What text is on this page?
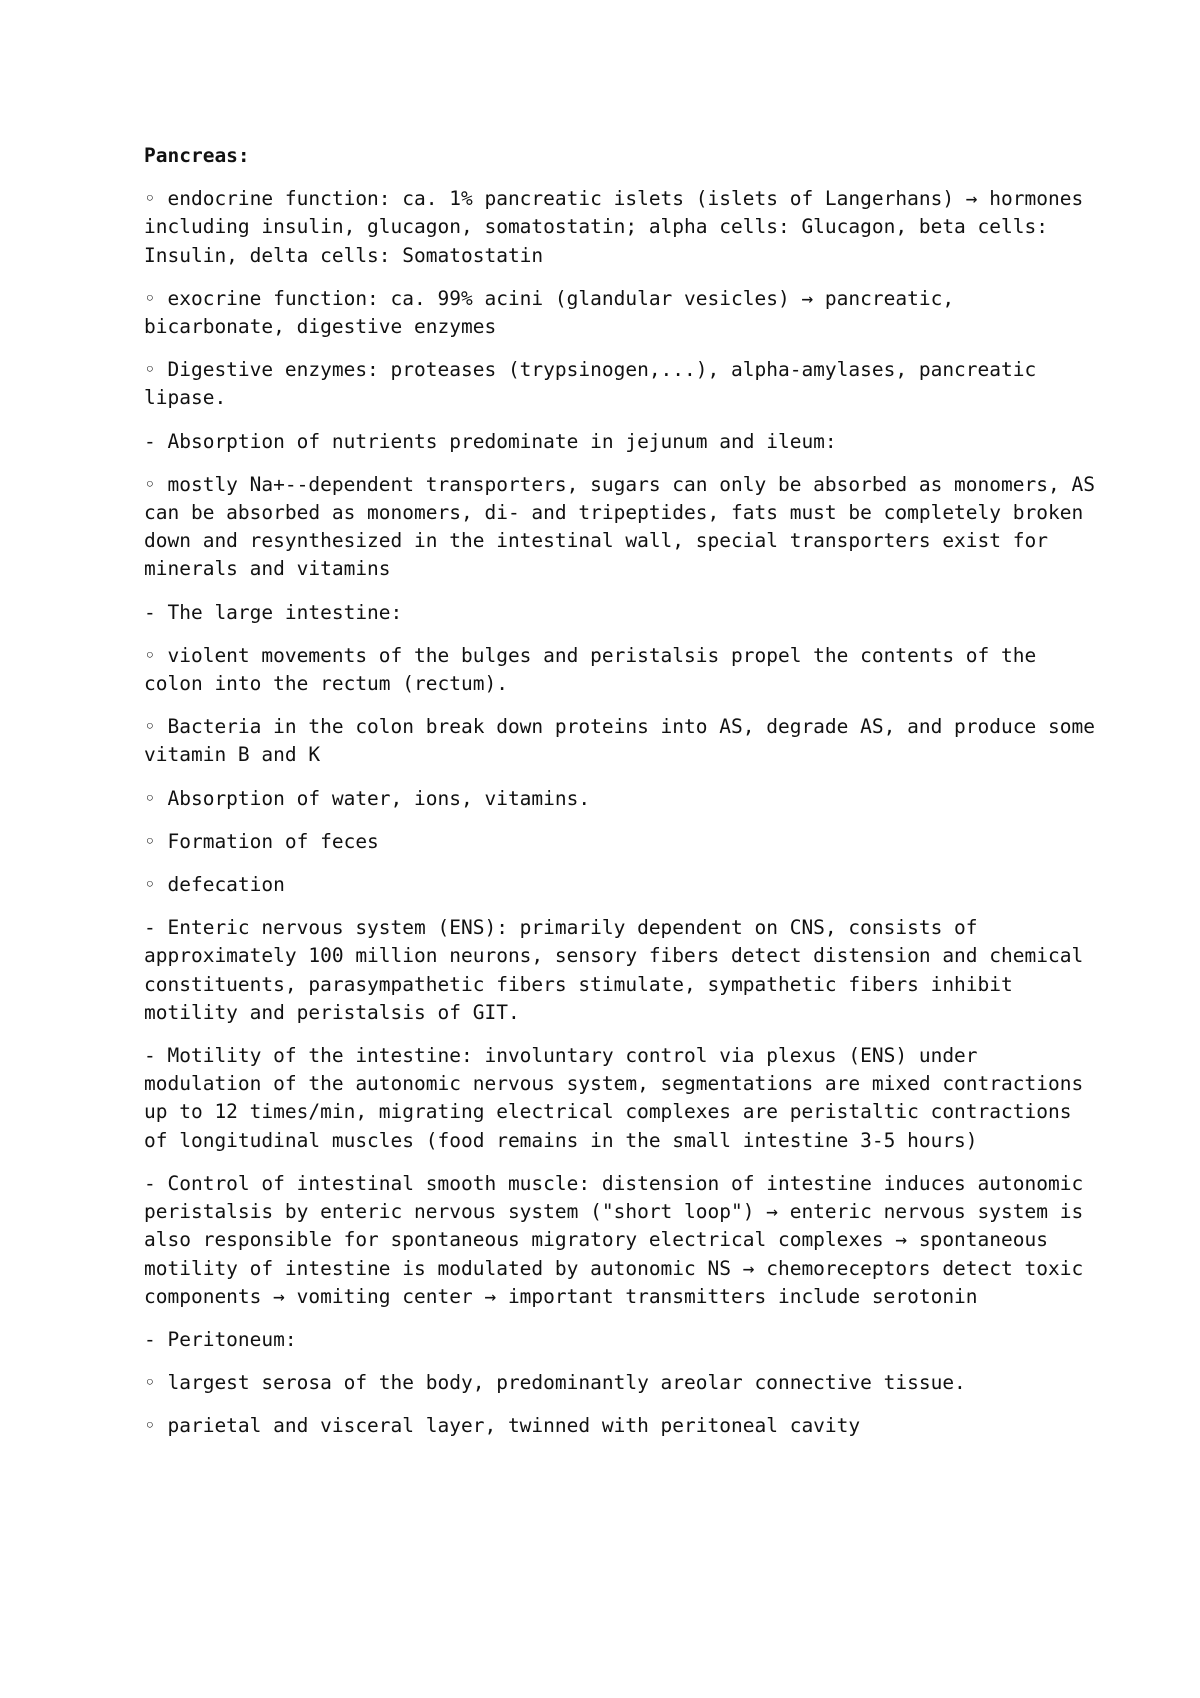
Pancreas:
◦ endocrine function: ca. 1% pancreatic islets (islets of Langerhans) → hormones including insulin, glucagon, somatostatin; alpha cells: Glucagon, beta cells: Insulin, delta cells: Somatostatin
◦ exocrine function: ca. 99% acini (glandular vesicles) → pancreatic, bicarbonate, digestive enzymes
◦ Digestive enzymes: proteases (trypsinogen,...), alpha-amylases, pancreatic lipase.
- Absorption of nutrients predominate in jejunum and ileum:
◦ mostly Na+--dependent transporters, sugars can only be absorbed as monomers, AS can be absorbed as monomers, di- and tripeptides, fats must be completely broken down and resynthesized in the intestinal wall, special transporters exist for minerals and vitamins
- The large intestine:
◦ violent movements of the bulges and peristalsis propel the contents of the colon into the rectum (rectum).
◦ Bacteria in the colon break down proteins into AS, degrade AS, and produce some vitamin B and K
◦ Absorption of water, ions, vitamins.
◦ Formation of feces
◦ defecation
- Enteric nervous system (ENS): primarily dependent on CNS, consists of approximately 100 million neurons, sensory fibers detect distension and chemical constituents, parasympathetic fibers stimulate, sympathetic fibers inhibit motility and peristalsis of GIT.
- Motility of the intestine: involuntary control via plexus (ENS) under modulation of the autonomic nervous system, segmentations are mixed contractions up to 12 times/min, migrating electrical complexes are peristaltic contractions of longitudinal muscles (food remains in the small intestine 3-5 hours)
- Control of intestinal smooth muscle: distension of intestine induces autonomic peristalsis by enteric nervous system ("short loop") → enteric nervous system is also responsible for spontaneous migratory electrical complexes → spontaneous motility of intestine is modulated by autonomic NS → chemoreceptors detect toxic components → vomiting center → important transmitters include serotonin
- Peritoneum:
◦ largest serosa of the body, predominantly areolar connective tissue.
◦ parietal and visceral layer, twinned with peritoneal cavity
